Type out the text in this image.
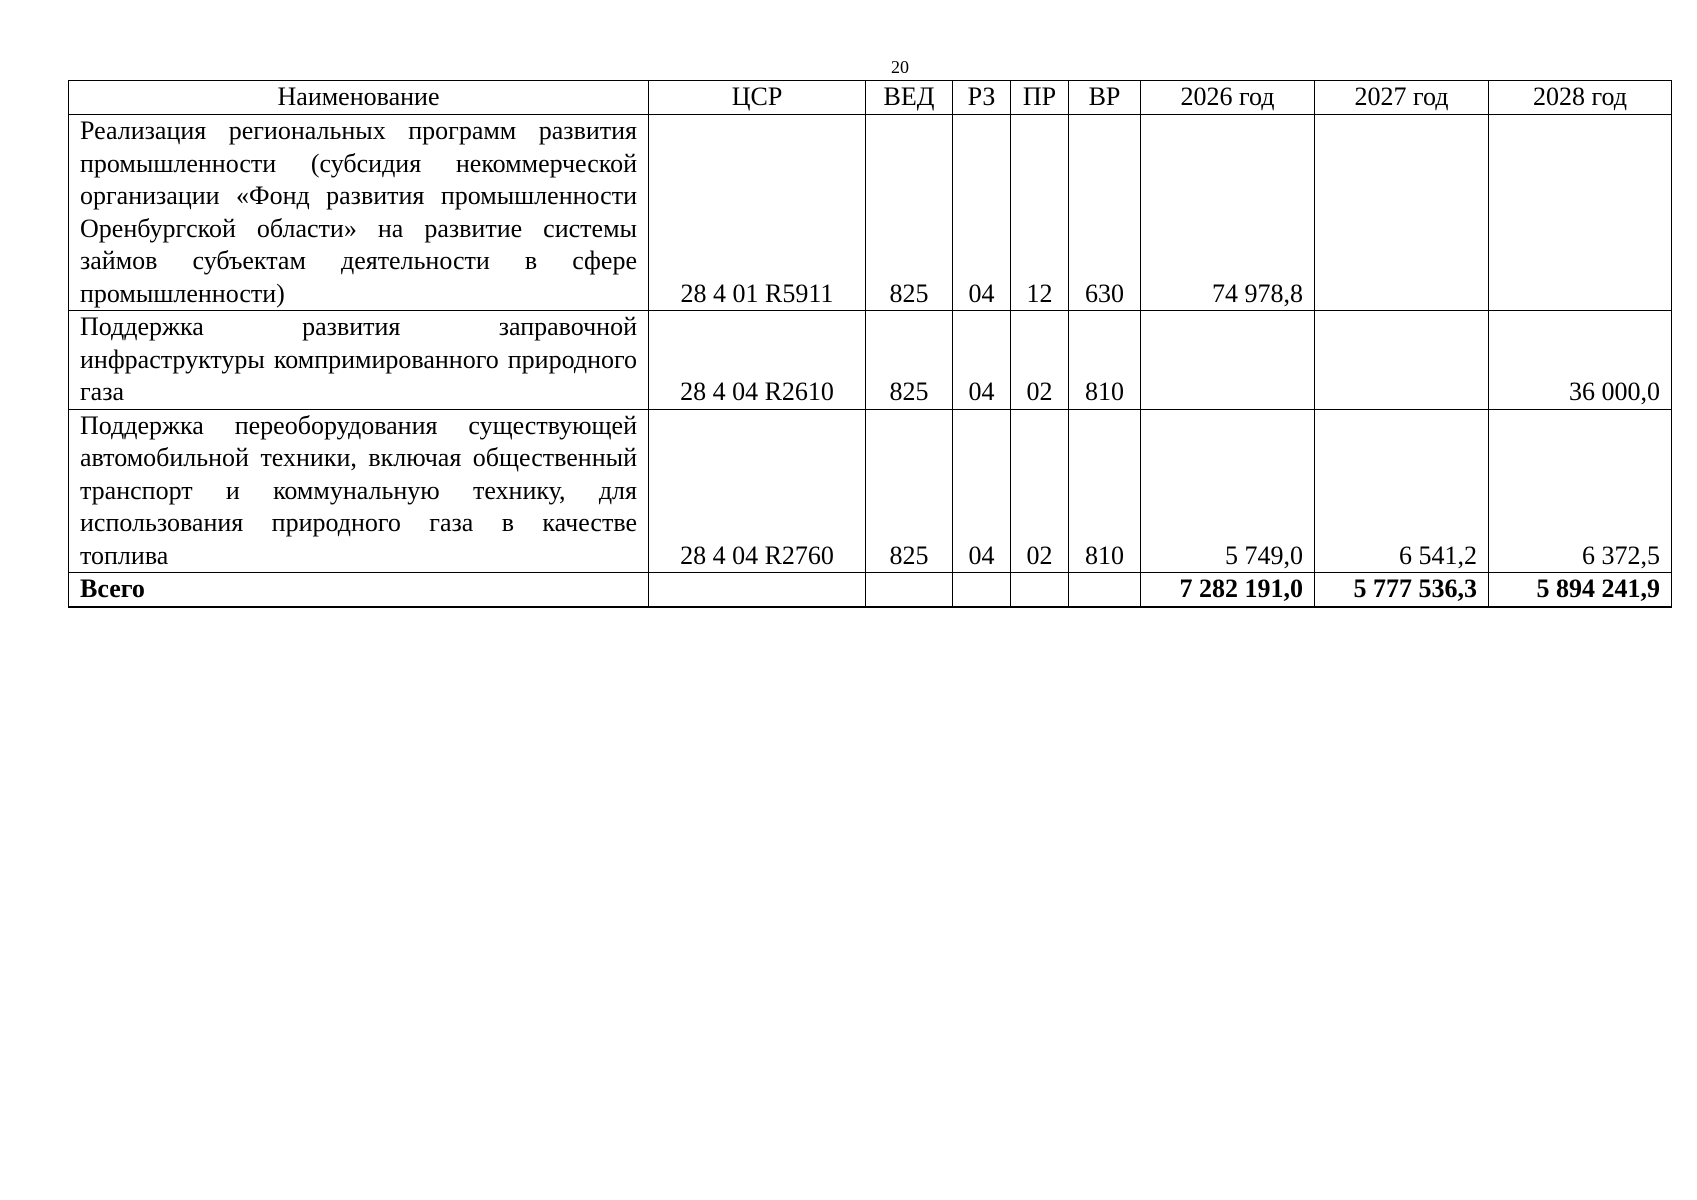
20
Наименование	ЦСР	ВЕД	РЗ	ПР	ВР	2026 год	2027 год	2028 год
Реализация региональных программ развития промышленности (субсидия некоммерческой организации «Фонд развития промышленности Оренбургской области» на развитие системы займов субъектам деятельности в сфере промышленности)	28 4 01 R5911	825	04	12	630	74 978,8		
Поддержка развития заправочной инфраструктуры компримированного природного газа	28 4 04 R2610	825	04	02	810			36 000,0
Поддержка переоборудования существующей автомобильной техники, включая общественный транспорт и коммунальную технику, для использования природного газа в качестве топлива	28 4 04 R2760	825	04	02	810	5 749,0	6 541,2	6 372,5
Всего						7 282 191,0	5 777 536,3	5 894 241,9
